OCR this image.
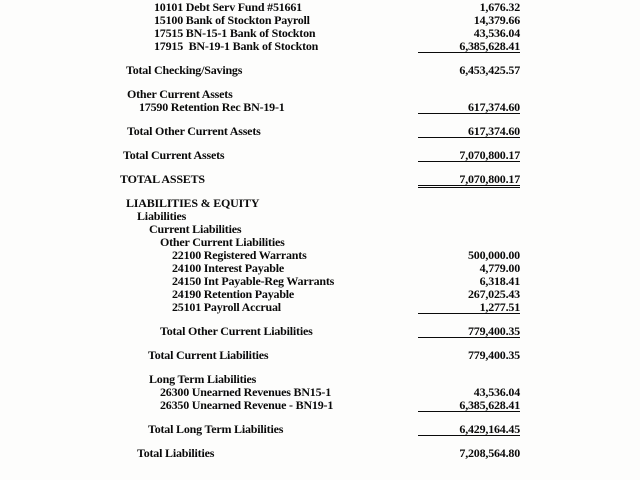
10101 Debt Serv Fund #51661	1,676.32
15100 Bank of Stockton Payroll	14,379.66
17515 BN-15-1 Bank of Stockton	43,536.04
17915  BN-19-1 Bank of Stockton	6,385,628.41
Total Checking/Savings	6,453,425.57
Other Current Assets
17590 Retention Rec BN-19-1	617,374.60
Total Other Current Assets	617,374.60
Total Current Assets	7,070,800.17
TOTAL ASSETS	7,070,800.17
LIABILITIES & EQUITY
Liabilities
Current Liabilities
Other Current Liabilities
22100 Registered Warrants	500,000.00
24100 Interest Payable	4,779.00
24150 Int Payable-Reg Warrants	6,318.41
24190 Retention Payable	267,025.43
25101 Payroll Accrual	1,277.51
Total Other Current Liabilities	779,400.35
Total Current Liabilities	779,400.35
Long Term Liabilities
26300 Unearned Revenues BN15-1	43,536.04
26350 Unearned Revenue - BN19-1	6,385,628.41
Total Long Term Liabilities	6,429,164.45
Total Liabilities	7,208,564.80
